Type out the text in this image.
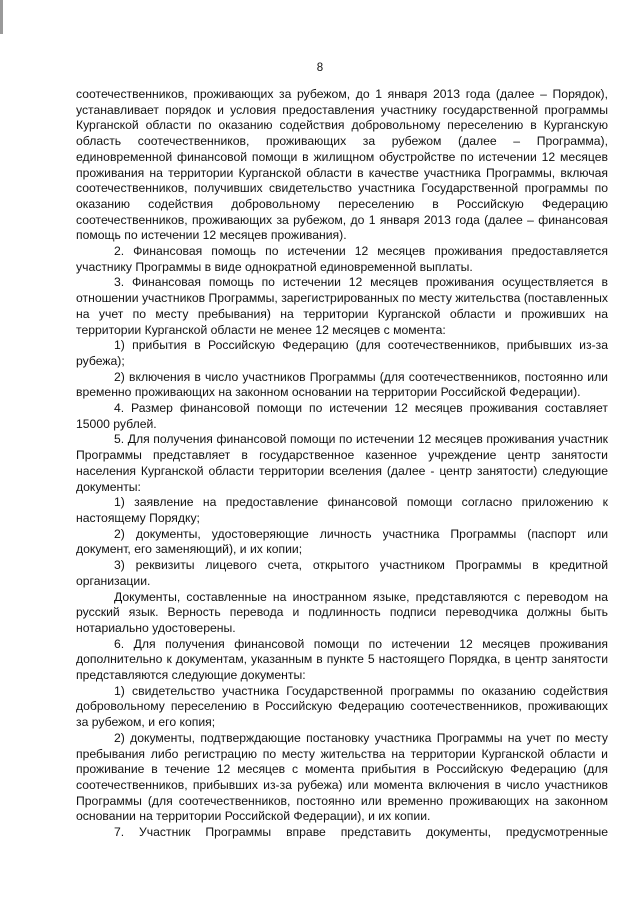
8

соотечественников, проживающих за рубежом, до 1 января 2013 года (далее – Порядок), устанавливает порядок и условия предоставления участнику государственной программы Курганской области по оказанию содействия добровольному переселению в Курганскую область соотечественников, проживающих за рубежом (далее – Программа), единовременной финансовой помощи в жилищном обустройстве по истечении 12 месяцев проживания на территории Курганской области в качестве участника Программы, включая соотечественников, получивших свидетельство участника Государственной программы по оказанию содействия добровольному переселению в Российскую Федерацию соотечественников, проживающих за рубежом, до 1 января 2013 года (далее – финансовая помощь по истечении 12 месяцев проживания).

2. Финансовая помощь по истечении 12 месяцев проживания предоставляется участнику Программы в виде однократной единовременной выплаты.

3. Финансовая помощь по истечении 12 месяцев проживания осуществляется в отношении участников Программы, зарегистрированных по месту жительства (поставленных на учет по месту пребывания) на территории Курганской области и проживших на территории Курганской области не менее 12 месяцев с момента:

1) прибытия в Российскую Федерацию (для соотечественников, прибывших из-за рубежа);

2) включения в число участников Программы (для соотечественников, постоянно или временно проживающих на законном основании на территории Российской Федерации).

4. Размер финансовой помощи по истечении 12 месяцев проживания составляет 15000 рублей.

5. Для получения финансовой помощи по истечении 12 месяцев проживания участник Программы представляет в государственное казенное учреждение центр занятости населения Курганской области территории вселения (далее - центр занятости) следующие документы:

1) заявление на предоставление финансовой помощи согласно приложению к настоящему Порядку;

2) документы, удостоверяющие личность участника Программы (паспорт или документ, его заменяющий), и их копии;

3) реквизиты лицевого счета, открытого участником Программы в кредитной организации.

Документы, составленные на иностранном языке, представляются с переводом на русский язык. Верность перевода и подлинность подписи переводчика должны быть нотариально удостоверены.

6. Для получения финансовой помощи по истечении 12 месяцев проживания дополнительно к документам, указанным в пункте 5 настоящего Порядка, в центр занятости представляются следующие документы:

1) свидетельство участника Государственной программы по оказанию содействия добровольному переселению в Российскую Федерацию соотечественников, проживающих за рубежом, и его копия;

2) документы, подтверждающие постановку участника Программы на учет по месту пребывания либо регистрацию по месту жительства на территории Курганской области и проживание в течение 12 месяцев с момента прибытия в Российскую Федерацию (для соотечественников, прибывших из-за рубежа) или момента включения в число участников Программы (для соотечественников, постоянно или временно проживающих на законном основании на территории Российской Федерации), и их копии.

7. Участник Программы вправе представить документы, предусмотренные
